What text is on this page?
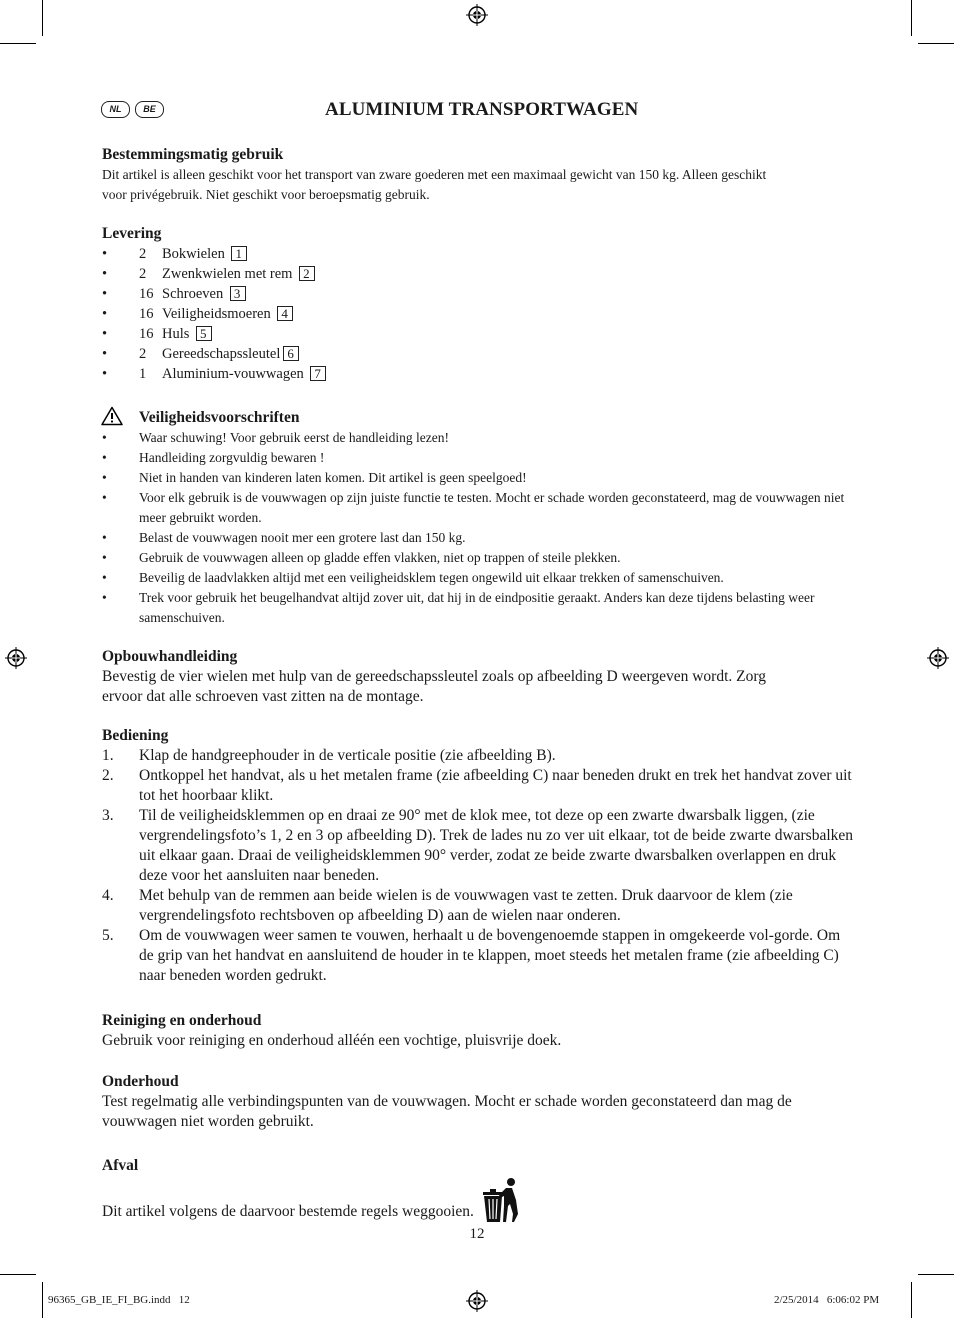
NL	BE	ALUMINIUM TRANSPORTWAGEN

Bestemmingsmatig gebruik

Dit artikel is alleen geschikt voor het transport van zware goederen met een maximaal gewicht van 150 kg. Alleen geschikt

voor privégebruik. Niet geschikt voor beroepsmatig gebruik.

Levering

• 2 Bokwielen 1
• 2 Zwenkwielen met rem 2
• 16 Schroeven 3
• 16 Veiligheidsmoeren 4
• 16 Huls 5
• 2 Gereedschapssleutel 6
• 1 Aluminium-vouwwagen 7
Veiligheidsvoorschriften
• Waar schuwing! Voor gebruik eerst de handleiding lezen!
• Handleiding zorgvuldig bewaren !
• Niet in handen van kinderen laten komen. Dit artikel is geen speelgoed!
• Voor elk gebruik is de vouwwagen op zijn juiste functie te testen. Mocht er schade worden geconstateerd, mag de vouwwagen niet meer gebruikt worden.
• Belast de vouwwagen nooit mer een grotere last dan 150 kg.
• Gebruik de vouwwagen alleen op gladde effen vlakken, niet op trappen of steile plekken.
• Beveilig de laadvlakken altijd met een veiligheidsklem tegen ongewild uit elkaar trekken of samenschuiven.
• Trek voor gebruik het beugelhandvat altijd zover uit, dat hij in de eindpositie geraakt. Anders kan deze tijdens belasting weer samenschuiven.

Opbouwhandleiding

Bevestig de vier wielen met hulp van de gereedschapssleutel zoals op afbeelding D weergeven wordt. Zorg

ervoor dat alle schroeven vast zitten na de montage.

Bediening

1. Klap de handgreephouder in de verticale positie (zie afbeelding B).
2. Ontkoppel het handvat, als u het metalen frame (zie afbeelding C) naar beneden drukt en trek het handvat zover uit tot het hoorbaar klikt.
3. Til de veiligheidsklemmen op en draai ze 90° met de klok mee, tot deze op een zwarte dwarsbalk liggen, (zie vergrendelingsfoto’s 1, 2 en 3 op afbeelding D). Trek de lades nu zo ver uit elkaar, tot de beide zwarte dwarsbalken uit elkaar gaan. Draai de veiligheidsklemmen 90° verder, zodat ze beide zwarte dwarsbalken overlappen en druk deze voor het aansluiten naar beneden.
4. Met behulp van de remmen aan beide wielen is de vouwwagen vast te zetten. Druk daarvoor de klem (zie vergrendelingsfoto rechtsboven op afbeelding D) aan de wielen naar onderen.
5. Om de vouwwagen weer samen te vouwen, herhaalt u de bovengenoemde stappen in omgekeerde vol-gorde. Om de grip van het handvat en aansluitend de houder in te klappen, moet steeds het metalen frame (zie afbeelding C) naar beneden worden gedrukt.

Reiniging en onderhoud

Gebruik voor reiniging en onderhoud alléén een vochtige, pluisvrije doek.

Onderhoud

Test regelmatig alle verbindingspunten van de vouwwagen. Mocht er schade worden geconstateerd dan mag de

vouwwagen niet worden gebruikt.

Afval

Dit artikel volgens de daarvoor bestemde regels weggooien.

12
96365_GB_IE_FI_BG.indd   12	2/25/2014   6:06:02 PM
